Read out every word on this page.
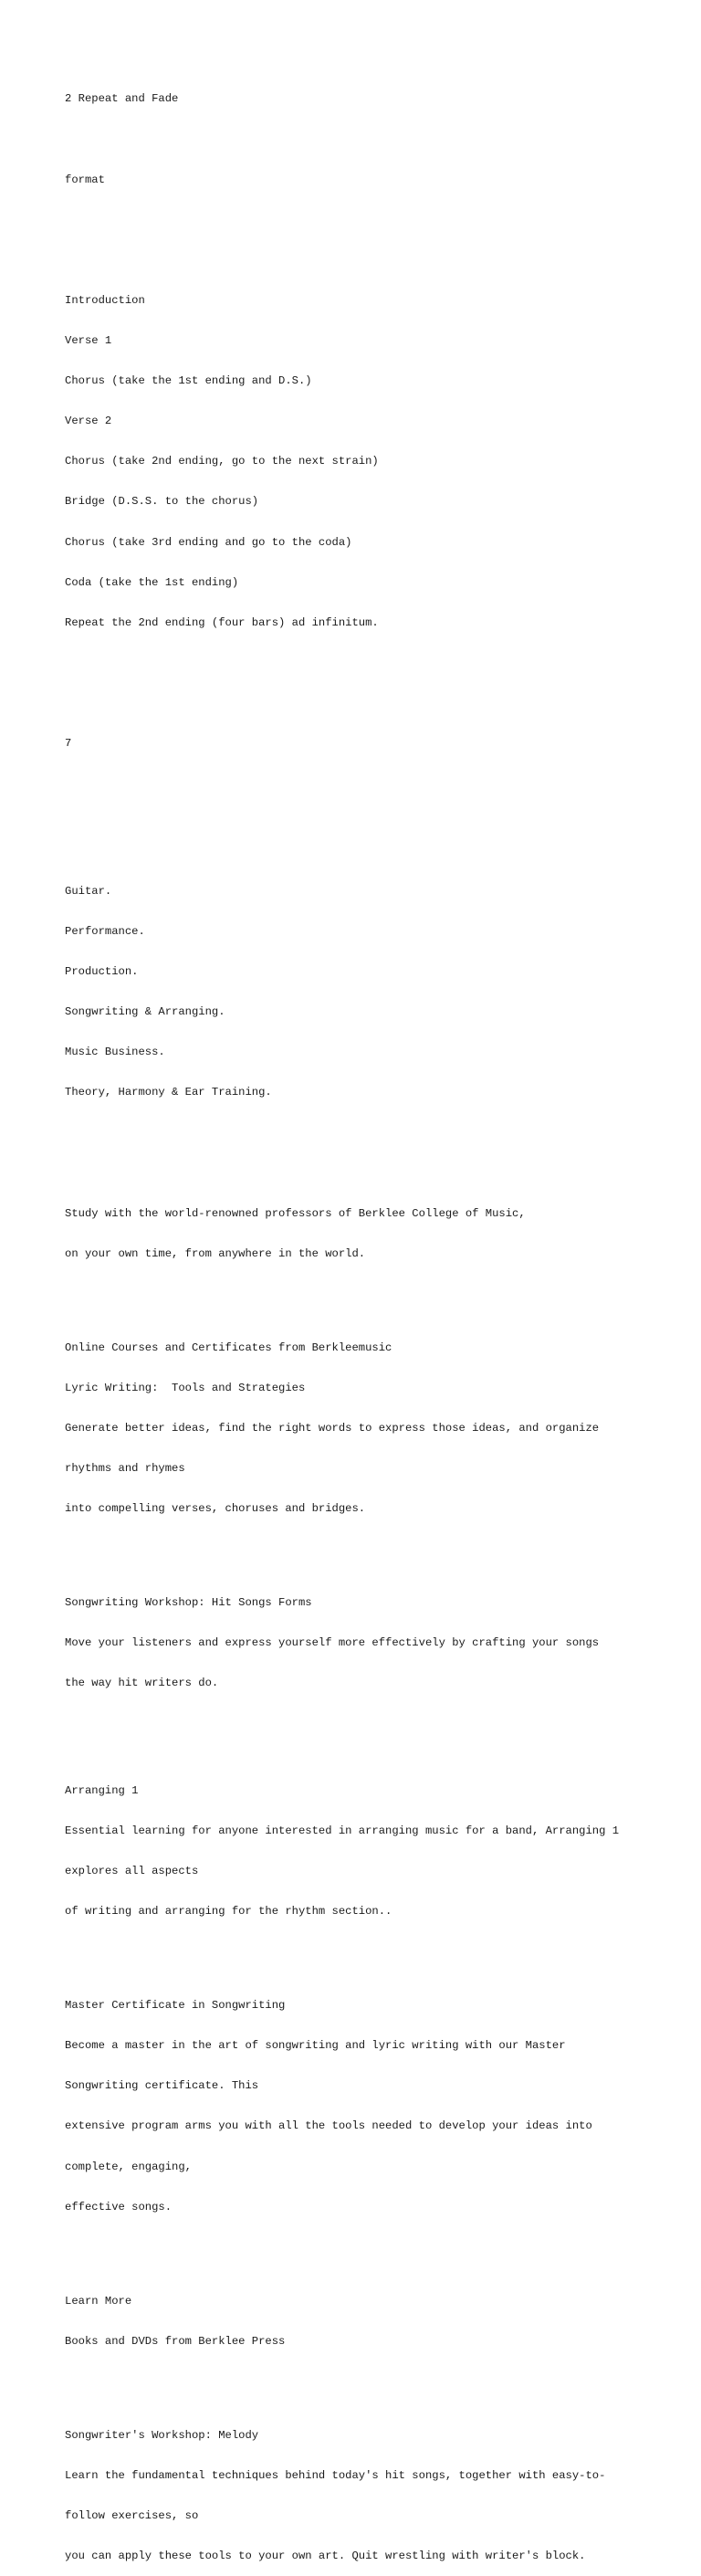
2 Repeat and Fade

format

Introduction

Verse 1

Chorus (take the 1st ending and D.S.)

Verse 2

Chorus (take 2nd ending, go to the next strain)

Bridge (D.S.S. to the chorus)

Chorus (take 3rd ending and go to the coda)

Coda (take the 1st ending)

Repeat the 2nd ending (four bars) ad infinitum.

7

Guitar.

Performance.

Production.

Songwriting & Arranging.

Music Business.

Theory, Harmony & Ear Training.

Study with the world-renowned professors of Berklee College of Music,

on your own time, from anywhere in the world.

Online Courses and Certificates from Berkleemusic

Lyric Writing:  Tools and Strategies

Generate better ideas, find the right words to express those ideas, and organize

rhythms and rhymes

into compelling verses, choruses and bridges.

Songwriting Workshop: Hit Songs Forms

Move your listeners and express yourself more effectively by crafting your songs

the way hit writers do.

Arranging 1

Essential learning for anyone interested in arranging music for a band, Arranging 1

explores all aspects

of writing and arranging for the rhythm section..

Master Certificate in Songwriting

Become a master in the art of songwriting and lyric writing with our Master

Songwriting certificate. This

extensive program arms you with all the tools needed to develop your ideas into

complete, engaging,

effective songs.

Learn More

Books and DVDs from Berklee Press

Songwriter's Workshop: Melody

Learn the fundamental techniques behind today's hit songs, together with easy-to-

follow exercises, so

you can apply these tools to your own art. Quit wrestling with writer's block.
